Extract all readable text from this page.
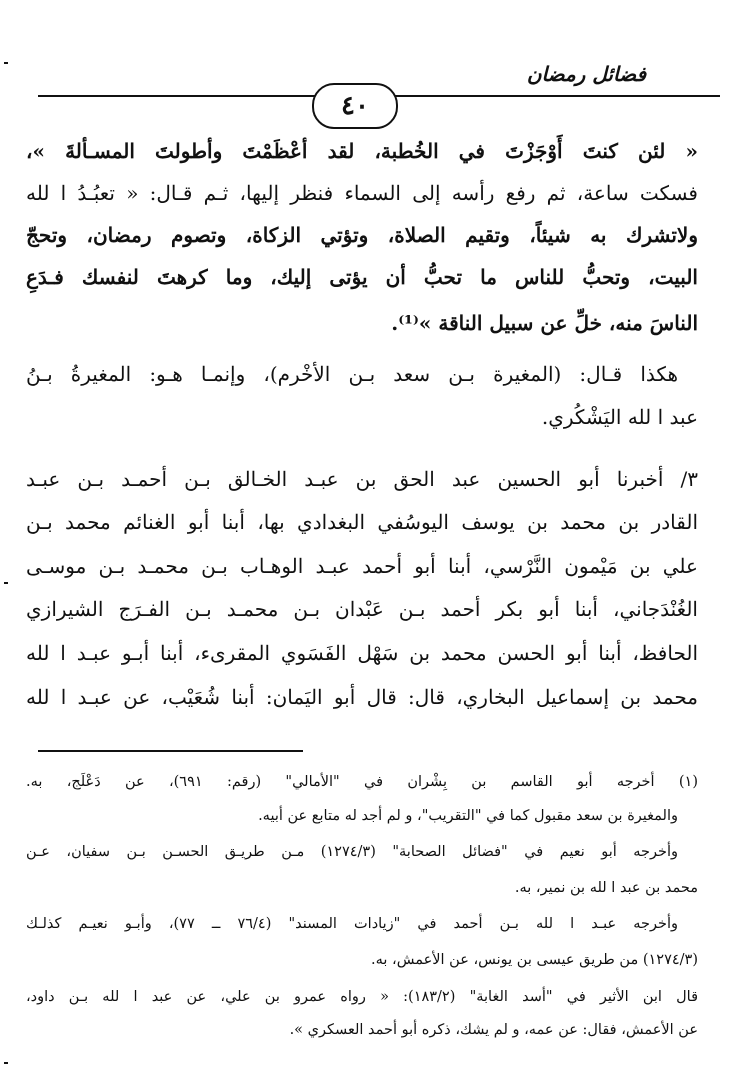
فضائل رمضان
٤٠
« لئن كنتَ أَوْجَزْتَ في الخُطبة، لقد أعْظَمْتَ وأطولتَ المسـألةَ »،
فسكت ساعة، ثم رفع رأسه إلى السماء فنظر إليها، ثـم قـال: « تعبُـدُ ا لله
ولاتشرك به شيئاً، وتقيم الصلاة، وتؤتي الزكاة، وتصوم رمضان، وتحجّ
البيت، وتحبُّ للناس ما تحبُّ أن يؤتى إليك، وما كرهتَ لنفسك فـدَعِ
الناسَ منه، خلِّ عن سبيل الناقة »⁽¹⁾.
هكذا قـال: (المغيرة بـن سعد بـن الأخْرم)، وإنمـا هـو: المغيرةُ بـنُ
عبد ا لله اليَشْكُري.
٣/ أخبرنا أبو الحسين عبد الحق بن عبـد الخـالق بـن أحمـد بـن عبـد
القادر بن محمد بن يوسف اليوسُفي البغدادي بها، أبنا أبو الغنائم محمد بـن
علي بن مَيْمون النَّرْسي، أبنا أبو أحمد عبـد الوهـاب بـن محمـد بـن موسـى
الغُنْدَجاني، أبنا أبو بكر أحمد بـن عَبْدان بـن محمـد بـن الفـرَج الشيرازي
الحافظ، أبنا أبو الحسن محمد بن سَهْل الفَسَوي المقرىء، أبنا أبـو عبـد ا لله
محمد بن إسماعيل البخاري، قال: قال أبو اليَمان: أبنا شُعَيْب، عن عبـد ا لله
(١) أخرجه أبو القاسم بن بِشْران في "الأمالي" (رقم: ٦٩١)، عن دَعْلَج، به.
والمغيرة بن سعد مقبول كما في "التقريب"، و لم أجد له متابع عن أبيه.
وأخرجه أبو نعيم في "فضائل الصحابة" (١٢٧٤/٣) مـن طريـق الحسـن بـن سفيان، عـن
محمد بن عبد ا لله بن نمير، به.
وأخرجه عبـد ا لله بـن أحمد في "زيادات المسند" (٧٦/٤ ــ ٧٧)، وأبـو نعيـم كذلـك
(١٢٧٤/٣) من طريق عيسى بن يونس، عن الأعمش، به.
قال ابن الأثير في "أسد الغابة" (١٨٣/٢): « رواه عمرو بن علي، عن عبد ا لله بـن داود،
عن الأعمش، فقال: عن عمه، و لم يشك، ذكره أبو أحمد العسكري ».
